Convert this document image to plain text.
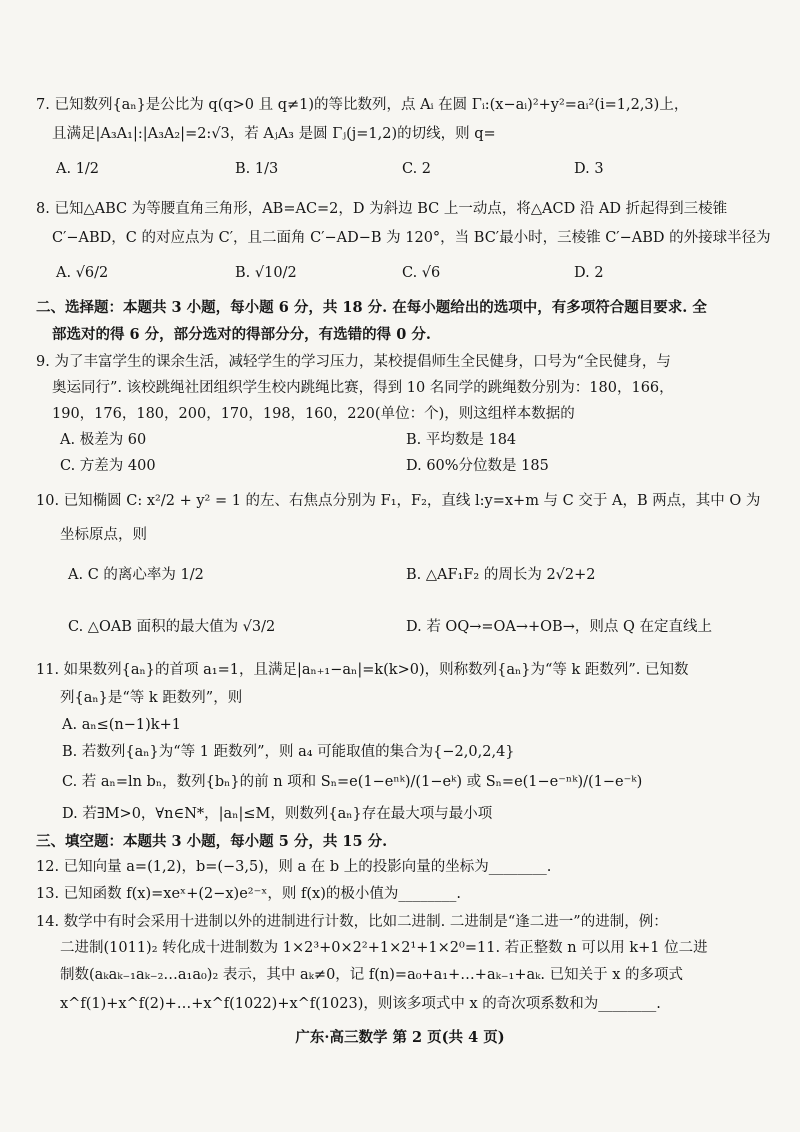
7. 已知数列{aₙ}是公比为 q(q>0 且 q≠1)的等比数列，点 Aᵢ 在圆 Γᵢ:(x−aᵢ)²+y²=aᵢ²(i=1,2,3)上，
且满足|A₃A₁|:|A₃A₂|=2:√3，若 AⱼA₃ 是圆 Γⱼ(j=1,2)的切线，则 q=
A. 1/2	B. 1/3	C. 2	D. 3
8. 已知△ABC 为等腰直角三角形，AB=AC=2，D 为斜边 BC 上一动点，将△ACD 沿 AD 折起得到三棱锥
C′−ABD，C 的对应点为 C′，且二面角 C′−AD−B 为 120°，当 BC′最小时，三棱锥 C′−ABD 的外接球半径为
A. √6/2	B. √10/2	C. √6	D. 2
二、选择题：本题共 3 小题，每小题 6 分，共 18 分. 在每小题给出的选项中，有多项符合题目要求. 全
部选对的得 6 分，部分选对的得部分分，有选错的得 0 分.
9. 为了丰富学生的课余生活，减轻学生的学习压力，某校提倡师生全民健身，口号为“全民健身，与
奥运同行”. 该校跳绳社团组织学生校内跳绳比赛，得到 10 名同学的跳绳数分别为：180，166，
190，176，180，200，170，198，160，220(单位：个)，则这组样本数据的
A. 极差为 60	B. 平均数是 184
C. 方差为 400	D. 60%分位数是 185
10. 已知椭圆 C: x²/2 + y² = 1 的左、右焦点分别为 F₁，F₂，直线 l:y=x+m 与 C 交于 A，B 两点，其中 O 为
坐标原点，则
A. C 的离心率为 1/2	B. △AF₁F₂ 的周长为 2√2+2
C. △OAB 面积的最大值为 √3/2	D. 若 OQ→=OA→+OB→，则点 Q 在定直线上
11. 如果数列{aₙ}的首项 a₁=1，且满足|aₙ₊₁−aₙ|=k(k>0)，则称数列{aₙ}为“等 k 距数列”. 已知数
列{aₙ}是“等 k 距数列”，则
A. aₙ≤(n−1)k+1
B. 若数列{aₙ}为“等 1 距数列”，则 a₄ 可能取值的集合为{−2,0,2,4}
C. 若 aₙ=ln bₙ，数列{bₙ}的前 n 项和 Sₙ=e(1−eⁿᵏ)/(1−eᵏ) 或 Sₙ=e(1−e⁻ⁿᵏ)/(1−e⁻ᵏ)
D. 若∃M>0，∀n∈N*，|aₙ|≤M，则数列{aₙ}存在最大项与最小项
三、填空题：本题共 3 小题，每小题 5 分，共 15 分.
12. 已知向量 a=(1,2)，b=(−3,5)，则 a 在 b 上的投影向量的坐标为________.
13. 已知函数 f(x)=xeˣ+(2−x)e²⁻ˣ，则 f(x)的极小值为________.
14. 数学中有时会采用十进制以外的进制进行计数，比如二进制. 二进制是“逢二进一”的进制，例：
二进制(1011)₂ 转化成十进制数为 1×2³+0×2²+1×2¹+1×2⁰=11. 若正整数 n 可以用 k+1 位二进
制数(aₖaₖ₋₁aₖ₋₂…a₁a₀)₂ 表示，其中 aₖ≠0，记 f(n)=a₀+a₁+…+aₖ₋₁+aₖ. 已知关于 x 的多项式
x^f(1)+x^f(2)+…+x^f(1022)+x^f(1023)，则该多项式中 x 的奇次项系数和为________.
广东·高三数学 第 2 页(共 4 页)
